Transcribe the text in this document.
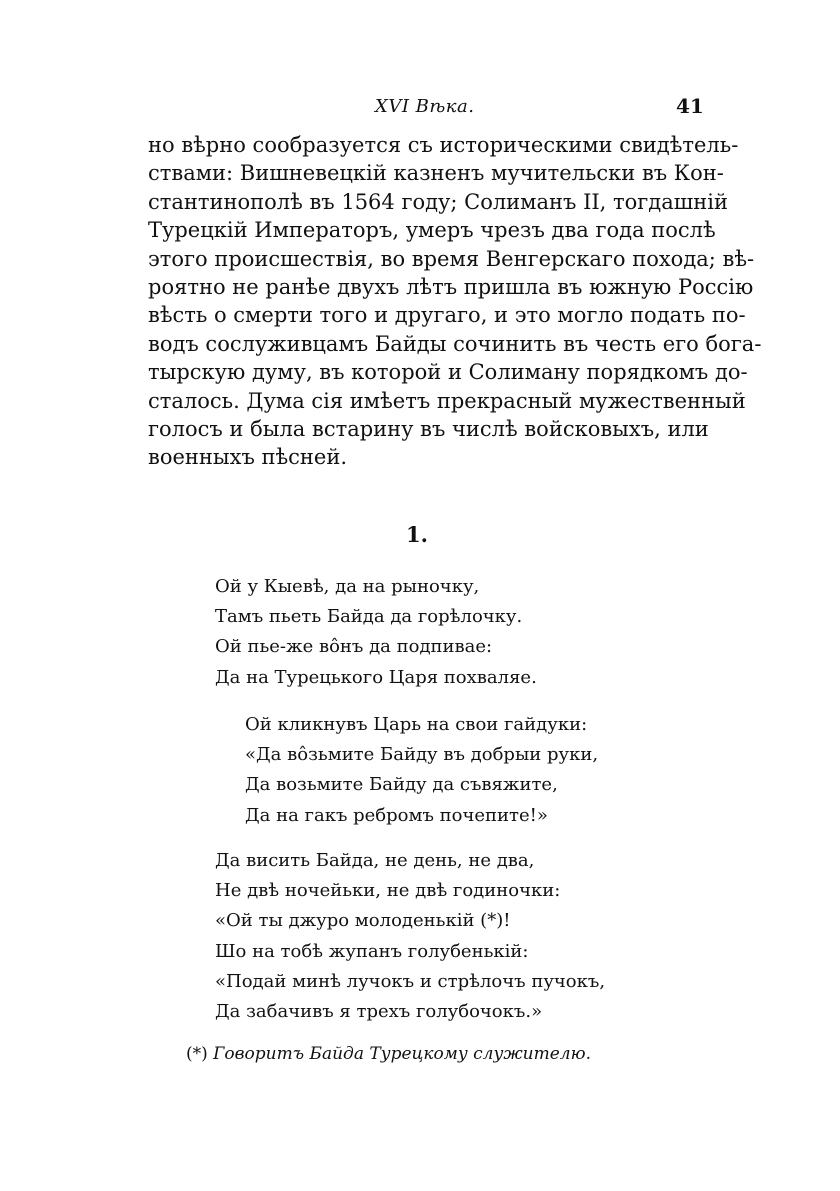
XVI Вѣка.	41
но вѣрно сообразуется съ историческими свидѣтель-
ствами: Вишневецкій казненъ мучительски въ Кон-
стантинополѣ въ 1564 году; Солиманъ II, тогдашній
Турецкій Императоръ, умеръ чрезъ два года послѣ
этого происшествія, во время Венгерскаго похода; вѣ-
роятно не ранѣе двухъ лѣтъ пришла въ южную Россію
вѣсть о смерти того и другаго, и это могло подать по-
водъ сослуживцамъ Байды сочинить въ честь его бога-
тырскую думу, въ которой и Солиману порядкомъ до-
сталось. Дума сія имѣетъ прекрасный мужественный
голосъ и была встарину въ числѣ войсковыхъ, или
военныхъ пѣсней.
1.
Ой у Кыевѣ, да на рыночку,
Тамъ пьеть Байда да горѣлочку.
Ой пье-же вôнъ да подпивае:
Да на Турецького Царя похваляе.
Ой кликнувъ Царь на свои гайдуки:
«Да вôзьмите Байду въ добрыи руки,
Да возьмите Байду да съвяжите,
Да на гакъ ребромъ почепите!»
Да висить Байда, не день, не два,
Не двѣ ночейьки, не двѣ годиночки:
«Ой ты джуро молоденькій (*)!
Шо на тобѣ жупанъ голубенькій:
«Подай минѣ лучокъ и стрѣлочъ пучокъ,
Да забачивъ я трехъ голубочокъ.»
(*) Говоритъ Байда Турецкому служителю.
